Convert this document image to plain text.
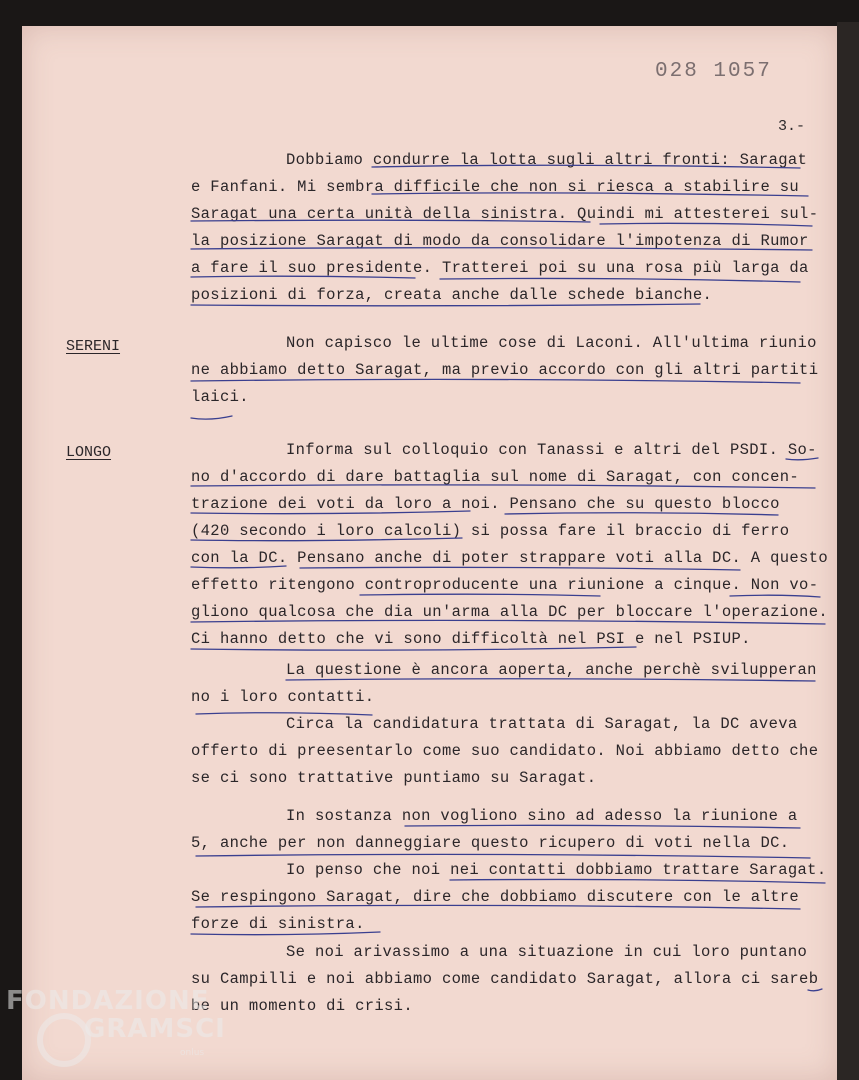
028 1057
3.-
SERENI
LONGO
Dobbiamo condurre la lotta sugli altri fronti: Saragat
e Fanfani. Mi sembra difficile che non si riesca a stabilire su
Saragat una certa unità della sinistra. Quindi mi attesterei sul-
la posizione Saragat di modo da consolidare l'impotenza di Rumor
a fare il suo presidente. Tratterei poi su una rosa più larga da
posizioni di forza, creata anche dalle schede bianche.
Non capisco le ultime cose di Laconi. All'ultima riunio
ne abbiamo detto Saragat, ma previo accordo con gli altri partiti
laici.
Informa sul colloquio con Tanassi e altri del PSDI. So-
no d'accordo di dare battaglia sul nome di Saragat, con concen-
trazione dei voti da loro a noi. Pensano che su questo blocco
(420 secondo i loro calcoli) si possa fare il braccio di ferro
con la DC. Pensano anche di poter strappare voti alla DC. A questo
effetto ritengono controproducente una riunione a cinque. Non vo-
gliono qualcosa che dia un'arma alla DC per bloccare l'operazione.
Ci hanno detto che vi sono difficoltà nel PSI e nel PSIUP.
La questione è ancora aoperta, anche perchè svilupperan
no i loro contatti.
Circa la candidatura trattata di Saragat, la DC aveva
offerto di preesentarlo come suo candidato. Noi abbiamo detto che
se ci sono trattative puntiamo su Saragat.
In sostanza non vogliono sino ad adesso la riunione a
5, anche per non danneggiare questo ricupero di voti nella DC.
Io penso che noi nei contatti dobbiamo trattare Saragat.
Se respingono Saragat, dire che dobbiamo discutere con le altre
forze di sinistra.
Se noi arivassimo a una situazione in cui loro puntano
su Campilli e noi abbiamo come candidato Saragat, allora ci sareb
be un momento di crisi.
FONDAZIONE
GRAMSCI
onlus
